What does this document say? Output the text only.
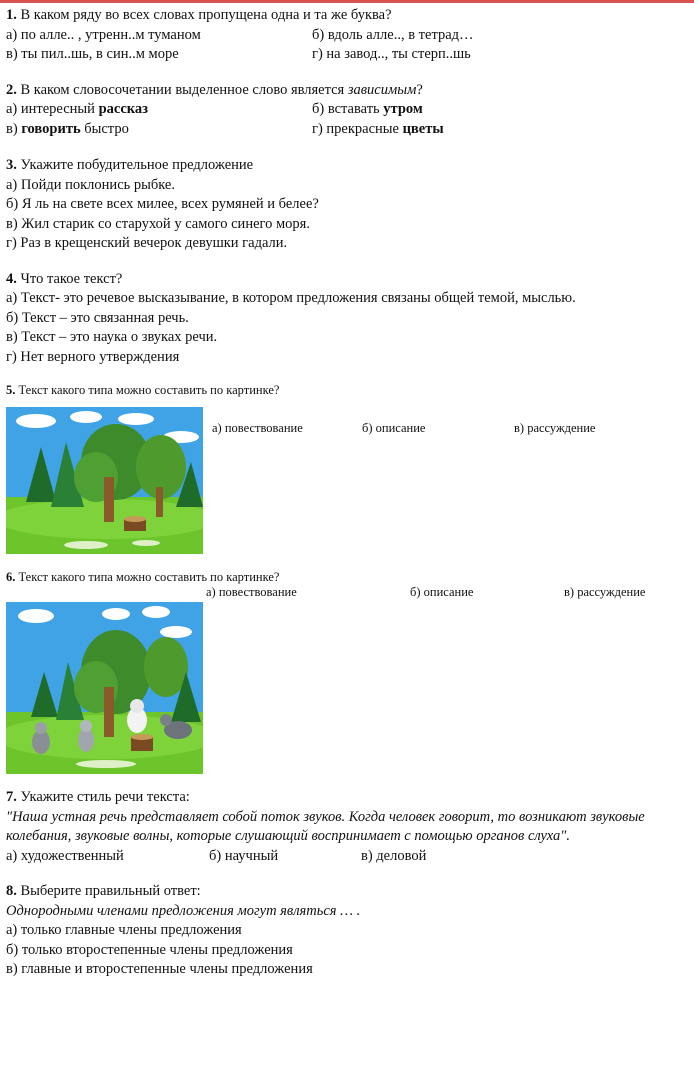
1. В каком ряду во всех словах пропущена одна и та же буква?
а) по алле.. , утренн..м туманом	б) вдоль алле.., в тетрад…
в) ты пил..шь, в син..м море	г) на завод.., ты стерп..шь
2. В каком словосочетании выделенное слово является зависимым?
а) интересный рассказ	б) вставать утром
в) говорить быстро	г) прекрасные цветы
3. Укажите побудительное предложение
а) Пойди поклонись рыбке.
б) Я ль на свете всех милее, всех румяней и белее?
в) Жил старик со старухой у самого синего моря.
г) Раз в крещенский вечерок девушки гадали.
4. Что такое текст?
а) Текст- это речевое высказывание, в котором предложения связаны общей темой, мыслью.
б) Текст – это связанная речь.
в) Текст – это наука о звуках речи.
г) Нет верного утверждения
5. Текст какого типа можно составить по картинке?
а) повествование	б) описание	в) рассуждение
6. Текст какого типа можно составить по картинке?
а) повествование	б) описание	в) рассуждение
7. Укажите стиль речи текста:
"Наша устная речь представляет собой поток звуков. Когда человек говорит, то возникают звуковые колебания, звуковые волны, которые слушающий воспринимает с помощью органов слуха".
а) художественный	б) научный	в) деловой
8. Выберите правильный ответ:
Однородными членами предложения могут являться … .
а) только главные члены предложения
б) только второстепенные члены предложения
в) главные и второстепенные члены предложения
